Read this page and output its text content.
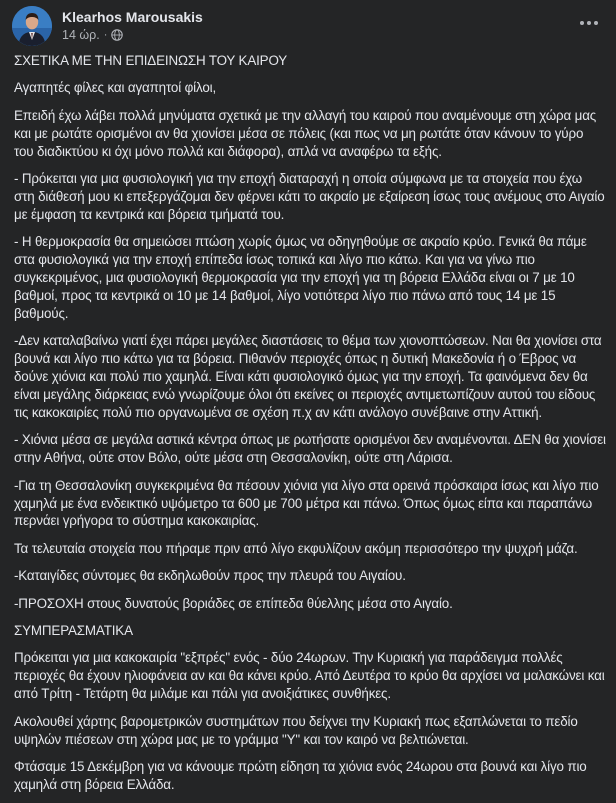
Klearhos Marousakis
14 ώρ. ·

ΣΧΕΤΙΚΑ ΜΕ ΤΗΝ ΕΠΙΔΕΙΝΩΣΗ ΤΟΥ ΚΑΙΡΟΥ

Αγαπητές φίλες και αγαπητοί φίλοι,

Επειδή έχω λάβει πολλά μηνύματα σχετικά με την αλλαγή του καιρού που αναμένουμε στη χώρα μας και με ρωτάτε ορισμένοι αν θα χιονίσει μέσα σε πόλεις (και πως να μη ρωτάτε όταν κάνουν το γύρο του διαδικτύου κι όχι μόνο πολλά και διάφορα), απλά να αναφέρω τα εξής.

- Πρόκειται για μια φυσιολογική για την εποχή διαταραχή η οποία σύμφωνα με τα στοιχεία που έχω στη διάθεσή μου κι επεξεργάζομαι δεν φέρνει κάτι το ακραίο με εξαίρεση ίσως τους ανέμους στο Αιγαίο με έμφαση τα κεντρικά και βόρεια τμήματά του.

- Η θερμοκρασία θα σημειώσει πτώση χωρίς όμως να οδηγηθούμε σε ακραίο κρύο. Γενικά θα πάμε στα φυσιολογικά για την εποχή επίπεδα ίσως τοπικά και λίγο πιο κάτω. Και για να γίνω πιο συγκεκριμένος, μια φυσιολογική θερμοκρασία για την εποχή για τη βόρεια Ελλάδα είναι οι 7 με 10 βαθμοί, προς τα κεντρικά οι 10 με 14 βαθμοί, λίγο νοτιότερα λίγο πιο πάνω από τους 14 με 15 βαθμούς.

-Δεν καταλαβαίνω γιατί έχει πάρει μεγάλες διαστάσεις το θέμα των χιονοπτώσεων. Ναι θα χιονίσει στα βουνά και λίγο πιο κάτω για τα βόρεια. Πιθανόν περιοχές όπως η δυτική Μακεδονία ή ο Έβρος να δούνε χιόνια και πολύ πιο χαμηλά. Είναι κάτι φυσιολογικό όμως για την εποχή. Τα φαινόμενα δεν θα είναι μεγάλης διάρκειας ενώ γνωρίζουμε όλοι ότι εκείνες οι περιοχές αντιμετωπίζουν αυτού του είδους τις κακοκαιρίες πολύ πιο οργανωμένα σε σχέση π.χ αν κάτι ανάλογο συνέβαινε στην Αττική.

- Χιόνια μέσα σε μεγάλα αστικά κέντρα όπως με ρωτήσατε ορισμένοι δεν αναμένονται. ΔΕΝ θα χιονίσει στην Αθήνα, ούτε στον Βόλο, ούτε μέσα στη Θεσσαλονίκη, ούτε στη Λάρισα.

-Για τη Θεσσαλονίκη συγκεκριμένα θα πέσουν χιόνια για λίγο στα ορεινά πρόσκαιρα ίσως και λίγο πιο χαμηλά με ένα ενδεικτικό υψόμετρο τα 600 με 700 μέτρα και πάνω. Όπως όμως είπα και παραπάνω περνάει γρήγορα το σύστημα κακοκαιρίας.

Τα τελευταία στοιχεία που πήραμε πριν από λίγο εκφυλίζουν ακόμη περισσότερο την ψυχρή μάζα.

-Καταιγίδες σύντομες θα εκδηλωθούν προς την πλευρά του Αιγαίου.

-ΠΡΟΣΟΧΗ στους δυνατούς βοριάδες σε επίπεδα θύελλης μέσα στο Αιγαίο.

ΣΥΜΠΕΡΑΣΜΑΤΙΚΑ

Πρόκειται για μια κακοκαιρία "εξπρές" ενός - δύο 24ωρων. Την Κυριακή για παράδειγμα πολλές περιοχές θα έχουν ηλιοφάνεια αν και θα κάνει κρύο. Από Δευτέρα το κρύο θα αρχίσει να μαλακώνει και από Τρίτη - Τετάρτη θα μιλάμε και πάλι για ανοιξιάτικες συνθήκες.

Ακολουθεί χάρτης βαρομετρικών συστημάτων που δείχνει την Κυριακή πως εξαπλώνεται το πεδίο υψηλών πιέσεων στη χώρα μας με το γράμμα "Υ" και τον καιρό να βελτιώνεται.

Φτάσαμε 15 Δεκέμβρη για να κάνουμε πρώτη είδηση τα χιόνια ενός 24ωρου στα βουνά και λίγο πιο χαμηλά στη βόρεια Ελλάδα.
